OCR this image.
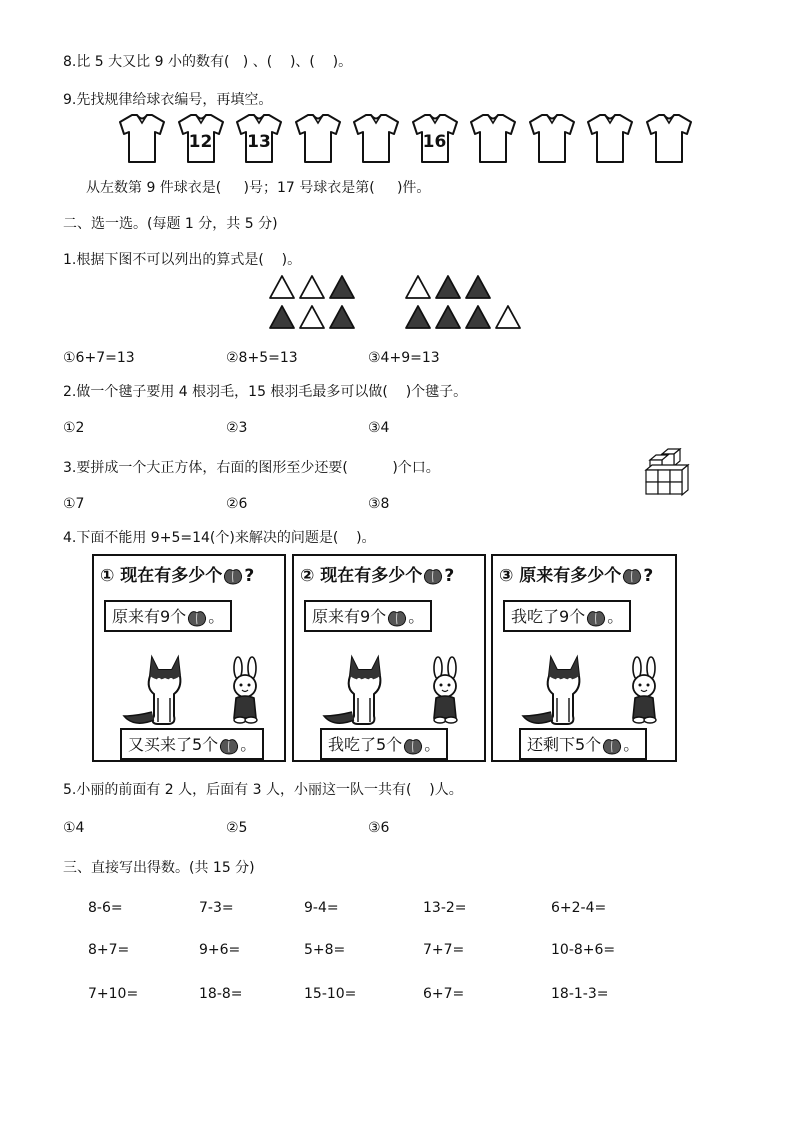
8.比 5 大又比 9 小的数有(   ) 、(    )、(    )。
9.先找规律给球衣编号，再填空。
12	13	16
从左数第 9 件球衣是(     )号；17 号球衣是第(     )件。
二、选一选。(每题 1 分，共 5 分)
1.根据下图不可以列出的算式是(    )。
①6+7=13	②8+5=13	③4+9=13
2.做一个毽子要用 4 根羽毛，15 根羽毛最多可以做(    )个毽子。
①2	②3	③4
3.要拼成一个大正方体，右面的图形至少还要(          )个口。
①7	②6	③8
4.下面不能用 9+5=14(个)来解决的问题是(    )。
① 现在有多少个 ?
原来有9个 。
又买来了5个 。
② 现在有多少个 ?
原来有9个 。
我吃了5个 。
③ 原来有多少个 ?
我吃了9个 。
还剩下5个 。
5.小丽的前面有 2 人，后面有 3 人，小丽这一队一共有(    )人。
①4	②5	③6
三、直接写出得数。(共 15 分)
8-6=	7-3=	9-4=	13-2=	6+2-4=
8+7=	9+6=	5+8=	7+7=	10-8+6=
7+10=	18-8=	15-10=	6+7=	18-1-3=
